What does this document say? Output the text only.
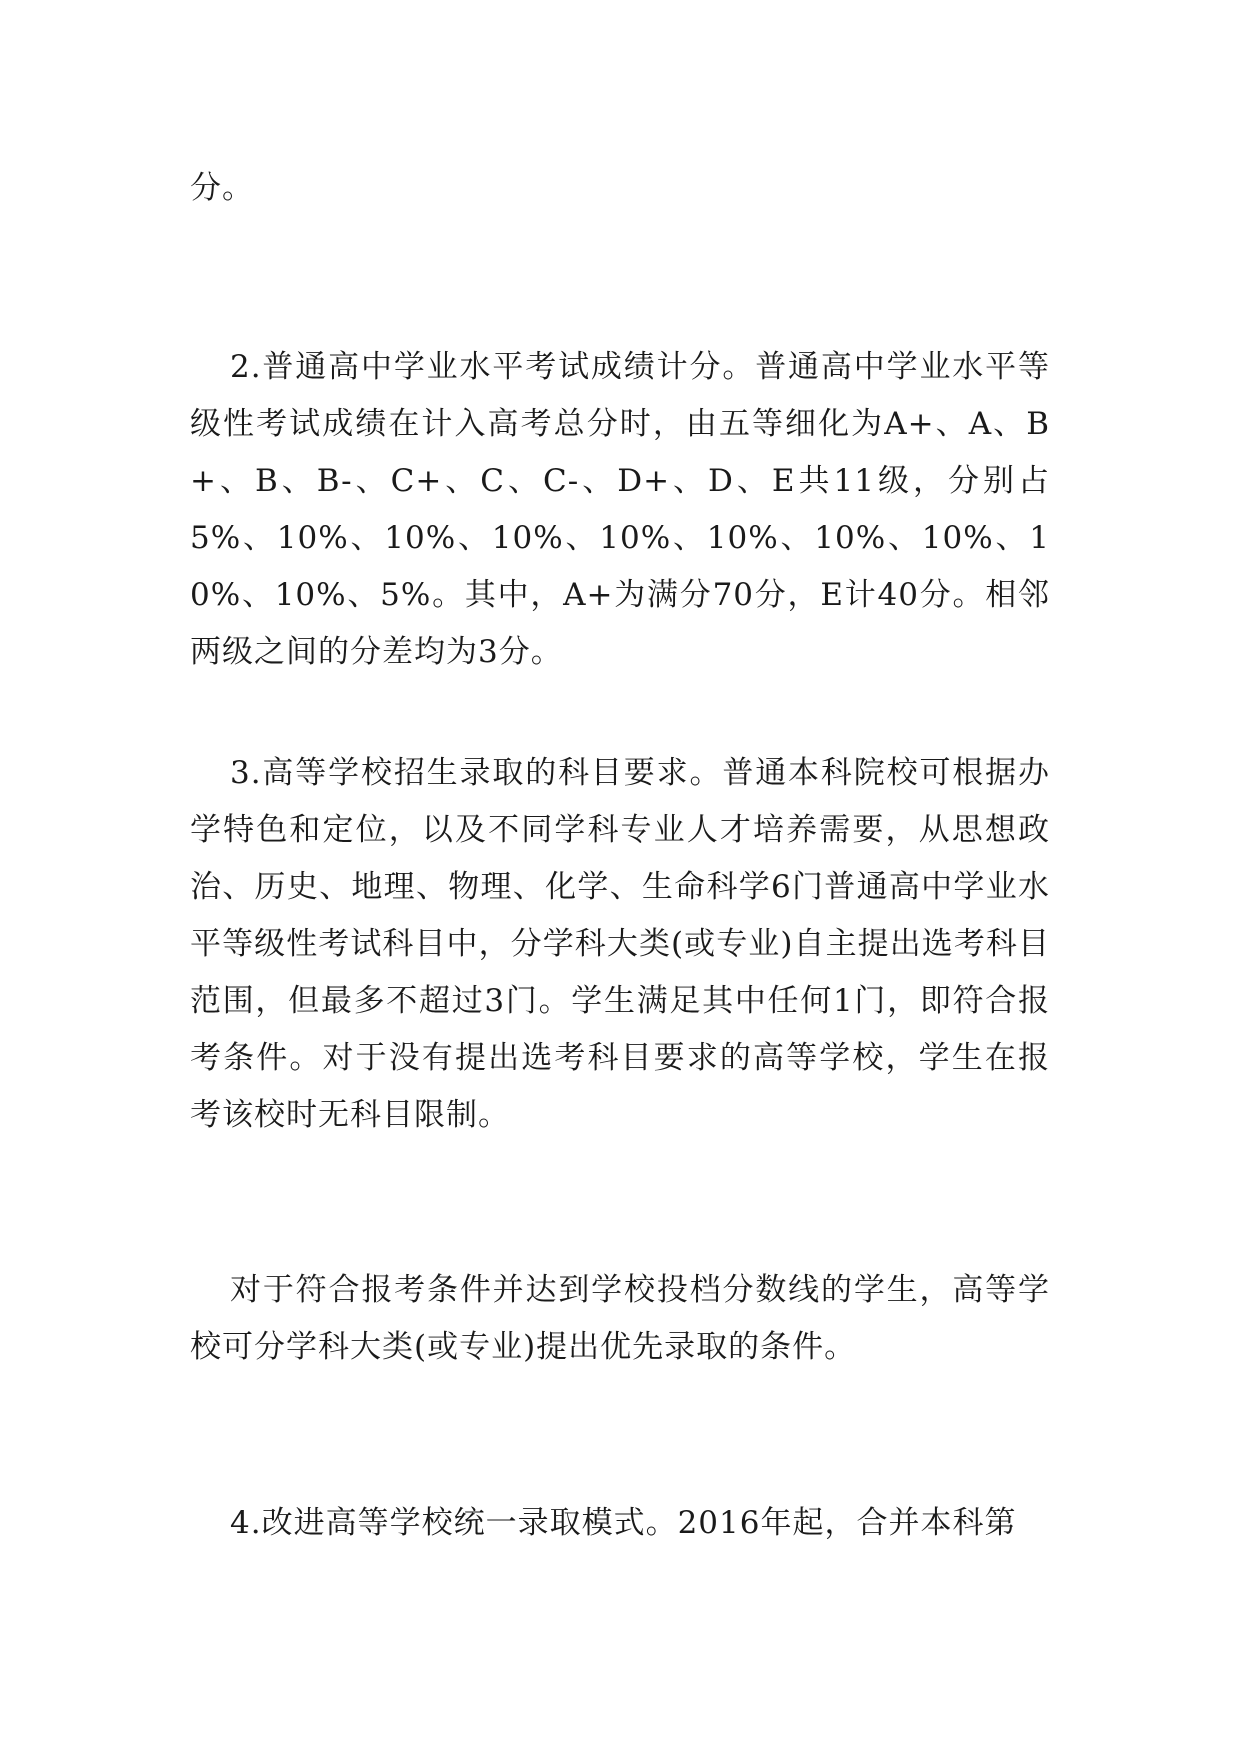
分。

2.普通高中学业水平考试成绩计分。普通高中学业水平等级性考试成绩在计入高考总分时，由五等细化为A+、A、B+、B、B-、C+、C、C-、D+、D、E共11级，分别占5%、10%、10%、10%、10%、10%、10%、10%、10%、10%、5%。其中，A+为满分70分，E计40分。相邻两级之间的分差均为3分。

3.高等学校招生录取的科目要求。普通本科院校可根据办学特色和定位，以及不同学科专业人才培养需要，从思想政治、历史、地理、物理、化学、生命科学6门普通高中学业水平等级性考试科目中，分学科大类(或专业)自主提出选考科目范围，但最多不超过3门。学生满足其中任何1门，即符合报考条件。对于没有提出选考科目要求的高等学校，学生在报考该校时无科目限制。

对于符合报考条件并达到学校投档分数线的学生，高等学校可分学科大类(或专业)提出优先录取的条件。

4.改进高等学校统一录取模式。2016年起，合并本科第
